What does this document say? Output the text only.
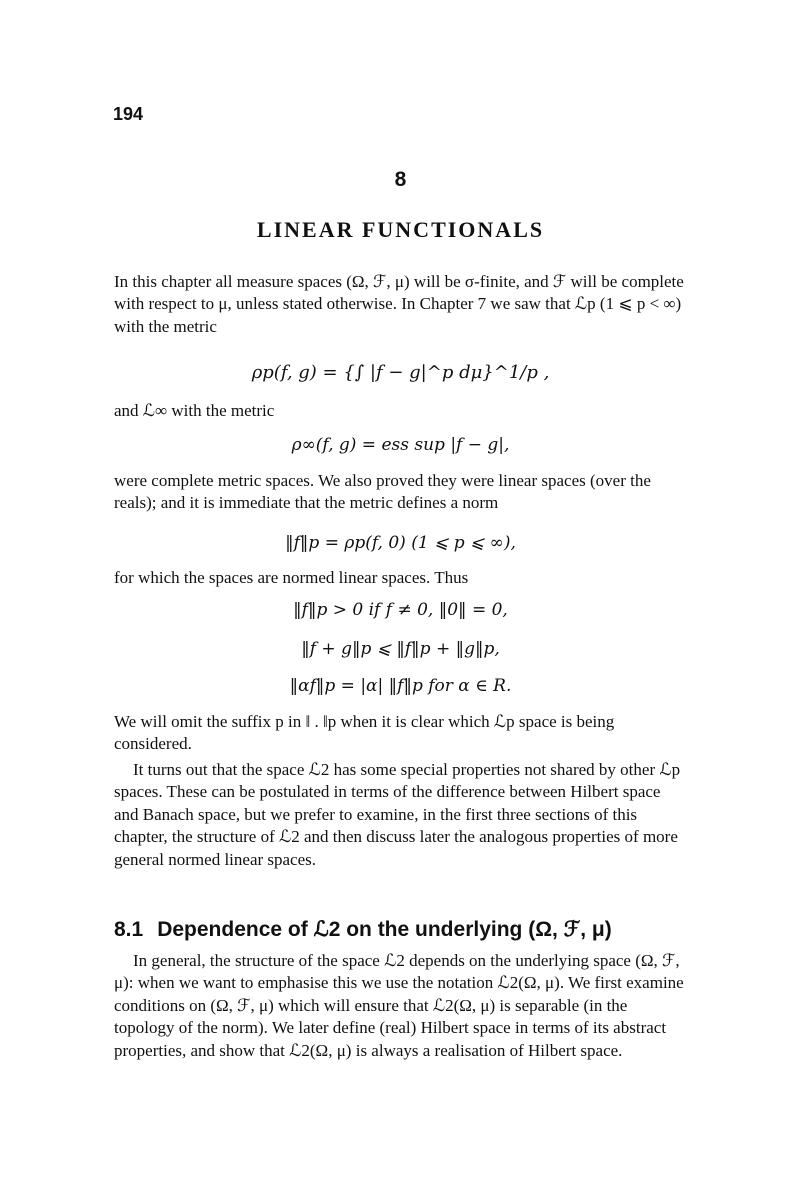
194
8
LINEAR FUNCTIONALS
In this chapter all measure spaces (Ω, ℱ, μ) will be σ-finite, and ℱ will be complete with respect to μ, unless stated otherwise. In Chapter 7 we saw that ℒp (1 ⩽ p < ∞) with the metric
ρp(f, g) = {∫ |f − g|^p dμ}^1/p ,
and ℒ∞ with the metric
ρ∞(f, g) = ess sup |f − g|,
were complete metric spaces. We also proved they were linear spaces (over the reals); and it is immediate that the metric defines a norm
‖f‖p = ρp(f, 0) (1 ⩽ p ⩽ ∞),
for which the spaces are normed linear spaces. Thus
‖f‖p > 0 if f ≠ 0, ‖0‖ = 0,
‖f + g‖p ⩽ ‖f‖p + ‖g‖p,
‖αf‖p = |α| ‖f‖p for α ∈ R.
We will omit the suffix p in ‖ . ‖p when it is clear which ℒp space is being considered.
It turns out that the space ℒ2 has some special properties not shared by other ℒp spaces. These can be postulated in terms of the difference between Hilbert space and Banach space, but we prefer to examine, in the first three sections of this chapter, the structure of ℒ2 and then discuss later the analogous properties of more general normed linear spaces.
8.1 Dependence of ℒ2 on the underlying (Ω, ℱ, μ)
In general, the structure of the space ℒ2 depends on the underlying space (Ω, ℱ, μ): when we want to emphasise this we use the notation ℒ2(Ω, μ). We first examine conditions on (Ω, ℱ, μ) which will ensure that ℒ2(Ω, μ) is separable (in the topology of the norm). We later define (real) Hilbert space in terms of its abstract properties, and show that ℒ2(Ω, μ) is always a realisation of Hilbert space.
